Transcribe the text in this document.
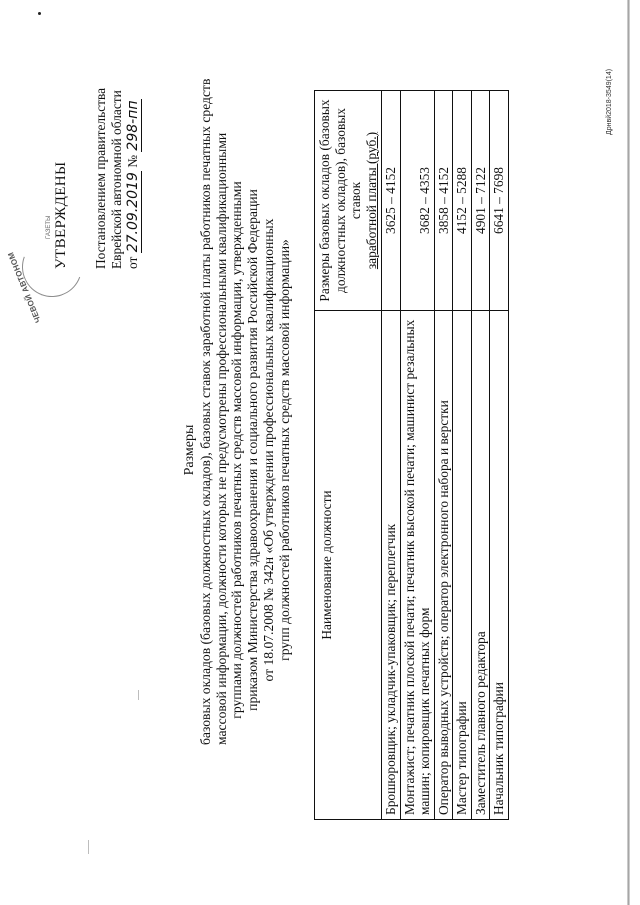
ЧЕВОЙ АВТОНОМ
ГАЗЕТЫ УТВЕРЖДЕНЫ Постановлением правительства Еврейской автономной области от 27.09.2019 № 298-пп
Размеры базовых окладов (базовых должностных окладов), базовых ставок заработной платы работников печатных средств массовой информации, должности которых не предусмотрены профессиональными квалификационными группами должностей работников печатных средств массовой информации, утвержденными приказом Министерства здравоохранения и социального развития Российской Федерации от 18.07.2008 № 342н «Об утверждении профессиональных квалификационных групп должностей работников печатных средств массовой информации» Наименование должности	Размеры базовых окладов (базовых должностных окладов), базовых ставок заработной платы (руб.)

Брошюровщик; укладчик-упаковщик; переплетчик	3625 – 4152
Монтажист; печатник плоской печати; печатник высокой печати; машинист резальных машин; копировщик печатных форм	3682 – 4353
Оператор выводных устройств; оператор электронного набора и верстки	3858 – 4152
Мастер типографии	4152 – 5288
Заместитель главного редактора	4901 – 7122
Начальник типографии	6641 – 7698
Дрнвй2018-3549(14)
